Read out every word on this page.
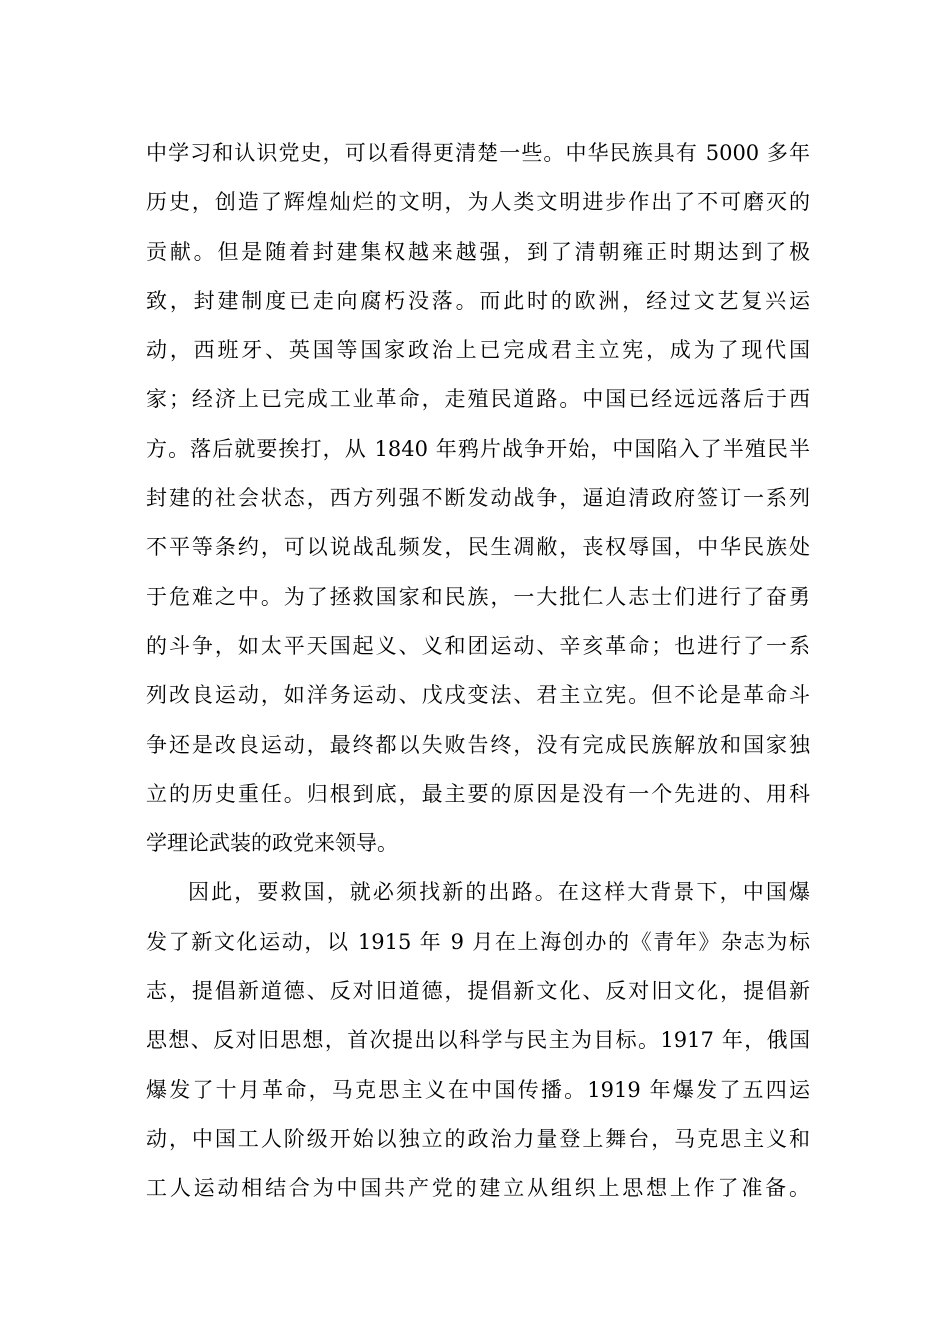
中学习和认识党史，可以看得更清楚一些。中华民族具有 5000 多年
历史，创造了辉煌灿烂的文明，为人类文明进步作出了不可磨灭的
贡献。但是随着封建集权越来越强，到了清朝雍正时期达到了极
致，封建制度已走向腐朽没落。而此时的欧洲，经过文艺复兴运
动，西班牙、英国等国家政治上已完成君主立宪，成为了现代国
家；经济上已完成工业革命，走殖民道路。中国已经远远落后于西
方。落后就要挨打，从 1840 年鸦片战争开始，中国陷入了半殖民半
封建的社会状态，西方列强不断发动战争，逼迫清政府签订一系列
不平等条约，可以说战乱频发，民生凋敝，丧权辱国，中华民族处
于危难之中。为了拯救国家和民族，一大批仁人志士们进行了奋勇
的斗争，如太平天国起义、义和团运动、辛亥革命；也进行了一系
列改良运动，如洋务运动、戊戌变法、君主立宪。但不论是革命斗
争还是改良运动，最终都以失败告终，没有完成民族解放和国家独
立的历史重任。归根到底，最主要的原因是没有一个先进的、用科
学理论武装的政党来领导。
因此，要救国，就必须找新的出路。在这样大背景下，中国爆
发了新文化运动，以 1915 年 9 月在上海创办的《青年》杂志为标
志，提倡新道德、反对旧道德，提倡新文化、反对旧文化，提倡新
思想、反对旧思想，首次提出以科学与民主为目标。1917 年，俄国
爆发了十月革命，马克思主义在中国传播。1919 年爆发了五四运
动，中国工人阶级开始以独立的政治力量登上舞台，马克思主义和
工人运动相结合为中国共产党的建立从组织上思想上作了准备。
